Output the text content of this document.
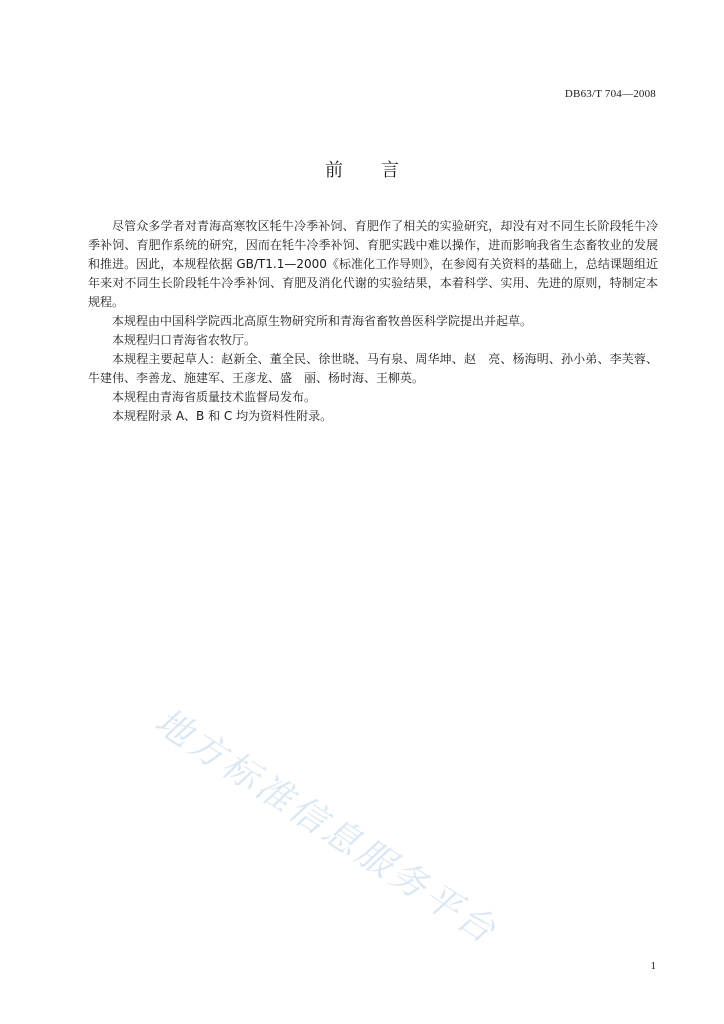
DB63/T 704—2008
前言

尽管众多学者对青海高寒牧区牦牛冷季补饲、育肥作了相关的实验研究，却没有对不同生长阶段牦牛冷季补饲、育肥作系统的研究，因而在牦牛冷季补饲、育肥实践中难以操作，进而影响我省生态畜牧业的发展和推进。因此，本规程依据 GB/T1.1—2000《标准化工作导则》，在参阅有关资料的基础上，总结课题组近年来对不同生长阶段牦牛冷季补饲、育肥及消化代谢的实验结果，本着科学、实用、先进的原则，特制定本规程。

本规程由中国科学院西北高原生物研究所和青海省畜牧兽医科学院提出并起草。

本规程归口青海省农牧厅。

本规程主要起草人：赵新全、董全民、徐世晓、马有泉、周华坤、赵　亮、杨海明、孙小弟、李芙蓉、牛建伟、李善龙、施建军、王彦龙、盛　丽、杨时海、王柳英。

本规程由青海省质量技术监督局发布。

本规程附录 A、B 和 C 均为资料性附录。

地方标准信息服务平台
1
